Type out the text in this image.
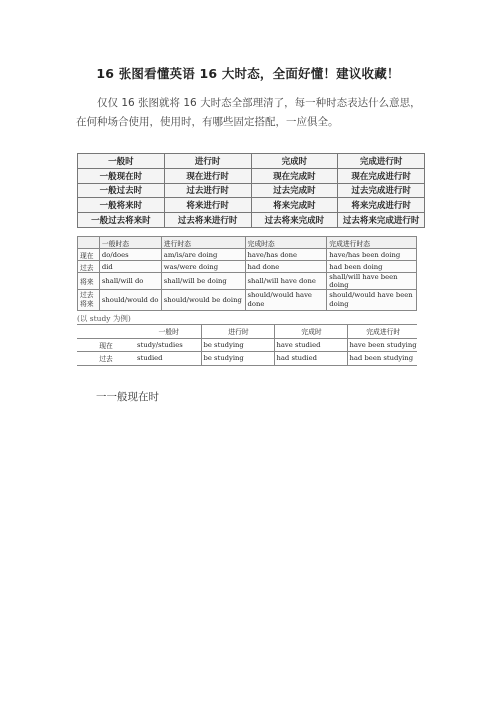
16 张图看懂英语 16 大时态，全面好懂！建议收藏！
仅仅 16 张图就将 16 大时态全部理清了，每一种时态表达什么意思，在何种场合使用，使用时，有哪些固定搭配，一应俱全。
一般时	进行时	完成时	完成进行时
一般现在时	现在进行时	现在完成时	现在完成进行时
一般过去时	过去进行时	过去完成时	过去完成进行时
一般将来时	将来进行时	将来完成时	将来完成进行时
一般过去将来时	过去将来进行时	过去将来完成时	过去将来完成进行时
	一般时态	进行时态	完成时态	完成进行时态
现在	do/does	am/is/are doing	have/has done	have/has been doing
过去	did	was/were doing	had done	had been doing
将来	shall/will do	shall/will be doing	shall/will have done	shall/will have been doing
过去将来	should/would do	should/would be doing	should/would have done	should/would have been doing
(以 study 为例)
	一般时	进行时	完成时	完成进行时
现在	study/studies	be studying	have studied	have been studying
过去	studied	be studying	had studied	had been studying
一一般现在时
